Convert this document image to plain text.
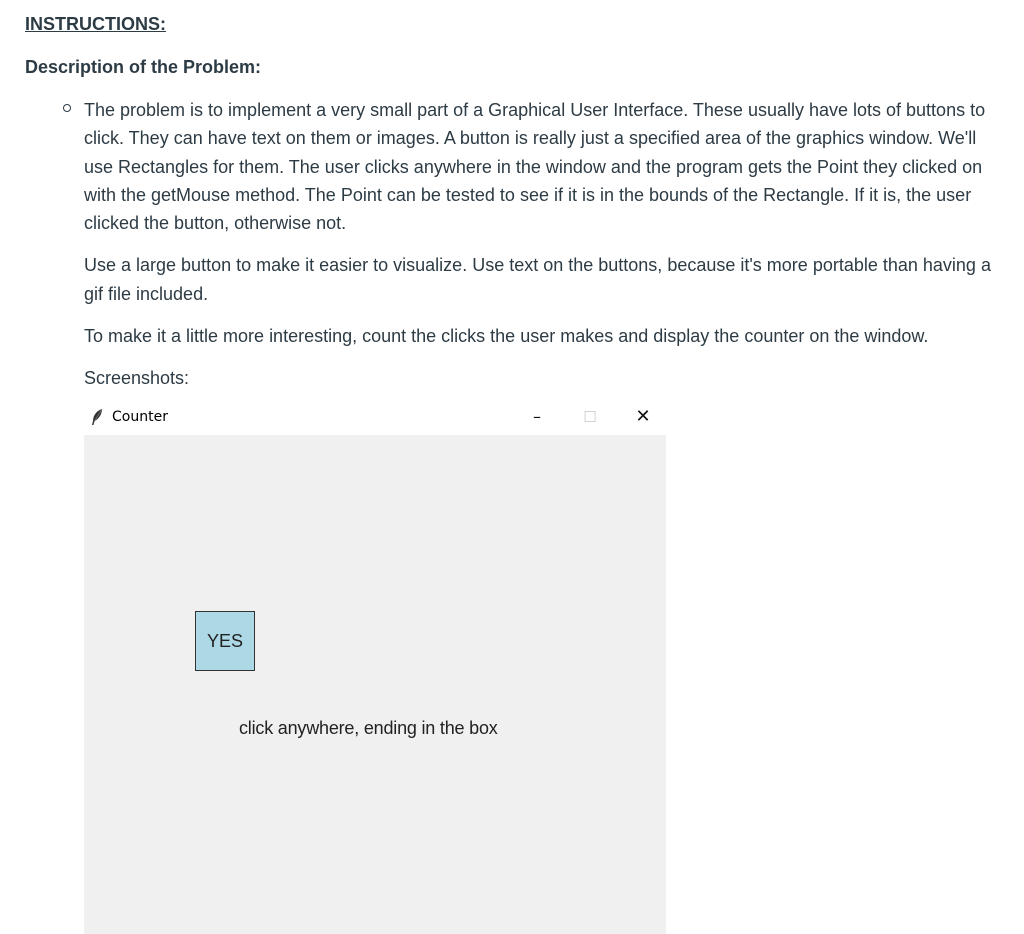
INSTRUCTIONS:
Description of the Problem:

The problem is to implement a very small part of a Graphical User Interface. These usually have lots of buttons to click. They can have text on them or images. A button is really just a specified area of the graphics window. We'll use Rectangles for them. The user clicks anywhere in the window and the program gets the Point they clicked on with the getMouse method. The Point can be tested to see if it is in the bounds of the Rectangle. If it is, the user clicked the button, otherwise not.

Use a large button to make it easier to visualize. Use text on the buttons, because it's more portable than having a gif file included.

To make it a little more interesting, count the clicks the user makes and display the counter on the window.

Screenshots:

Counter	–	☐	✕
YES
click anywhere, ending in the box
